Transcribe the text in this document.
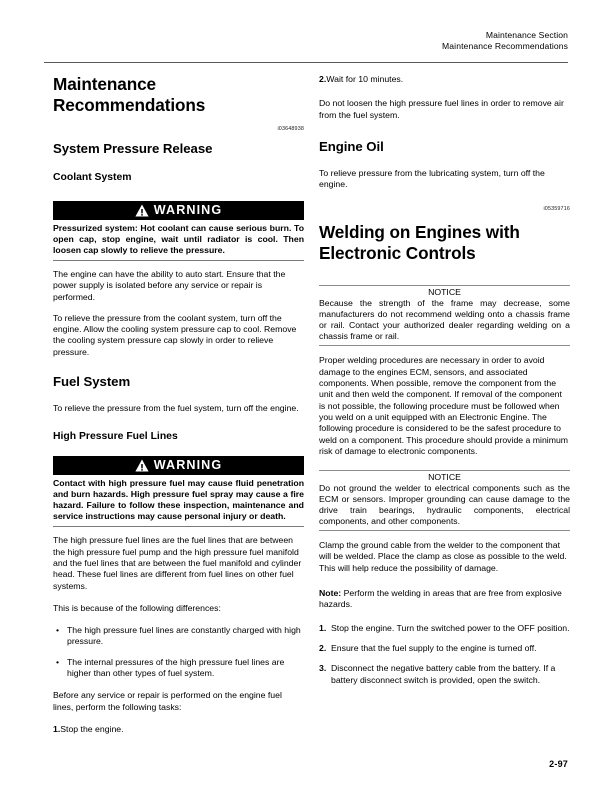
Maintenance Section
Maintenance Recommendations
Maintenance Recommendations
i03648938
System Pressure Release
Coolant System
WARNING
Pressurized system: Hot coolant can cause serious burn. To open cap, stop engine, wait until radiator is cool. Then loosen cap slowly to relieve the pressure.

The engine can have the ability to auto start. Ensure that the power supply is isolated before any service or repair is performed.

To relieve the pressure from the coolant system, turn off the engine. Allow the cooling system pressure cap to cool. Remove the cooling system pressure cap slowly in order to relieve pressure.

Fuel System

To relieve the pressure from the fuel system, turn off the engine.

High Pressure Fuel Lines
WARNING
Contact with high pressure fuel may cause fluid penetration and burn hazards. High pressure fuel spray may cause a fire hazard. Failure to follow these inspection, maintenance and service instructions may cause personal injury or death.

The high pressure fuel lines are the fuel lines that are between the high pressure fuel pump and the high pressure fuel manifold and the fuel lines that are between the fuel manifold and cylinder head. These fuel lines are different from fuel lines on other fuel systems.

This is because of the following differences:

• The high pressure fuel lines are constantly charged with high pressure.
• The internal pressures of the high pressure fuel lines are higher than other types of fuel system.

Before any service or repair is performed on the engine fuel lines, perform the following tasks:

1.Stop the engine.
2.Wait for 10 minutes.

Do not loosen the high pressure fuel lines in order to remove air from the fuel system.

Engine Oil

To relieve pressure from the lubricating system, turn off the engine.

i05359716
Welding on Engines with Electronic Controls
NOTICE
Because the strength of the frame may decrease, some manufacturers do not recommend welding onto a chassis frame or rail. Contact your authorized dealer regarding welding on a chassis frame or rail.

Proper welding procedures are necessary in order to avoid damage to the engines ECM, sensors, and associated components. When possible, remove the component from the unit and then weld the component. If removal of the component is not possible, the following procedure must be followed when you weld on a unit equipped with an Electronic Engine. The following procedure is considered to be the safest procedure to weld on a component. This procedure should provide a minimum risk of damage to electronic components.

NOTICE
Do not ground the welder to electrical components such as the ECM or sensors. Improper grounding can cause damage to the drive train bearings, hydraulic components, electrical components, and other components.

Clamp the ground cable from the welder to the component that will be welded. Place the clamp as close as possible to the weld. This will help reduce the possibility of damage.

Note: Perform the welding in areas that are free from explosive hazards.
1. Stop the engine. Turn the switched power to the OFF position.
2. Ensure that the fuel supply to the engine is turned off.
3. Disconnect the negative battery cable from the battery. If a battery disconnect switch is provided, open the switch.
2-97
